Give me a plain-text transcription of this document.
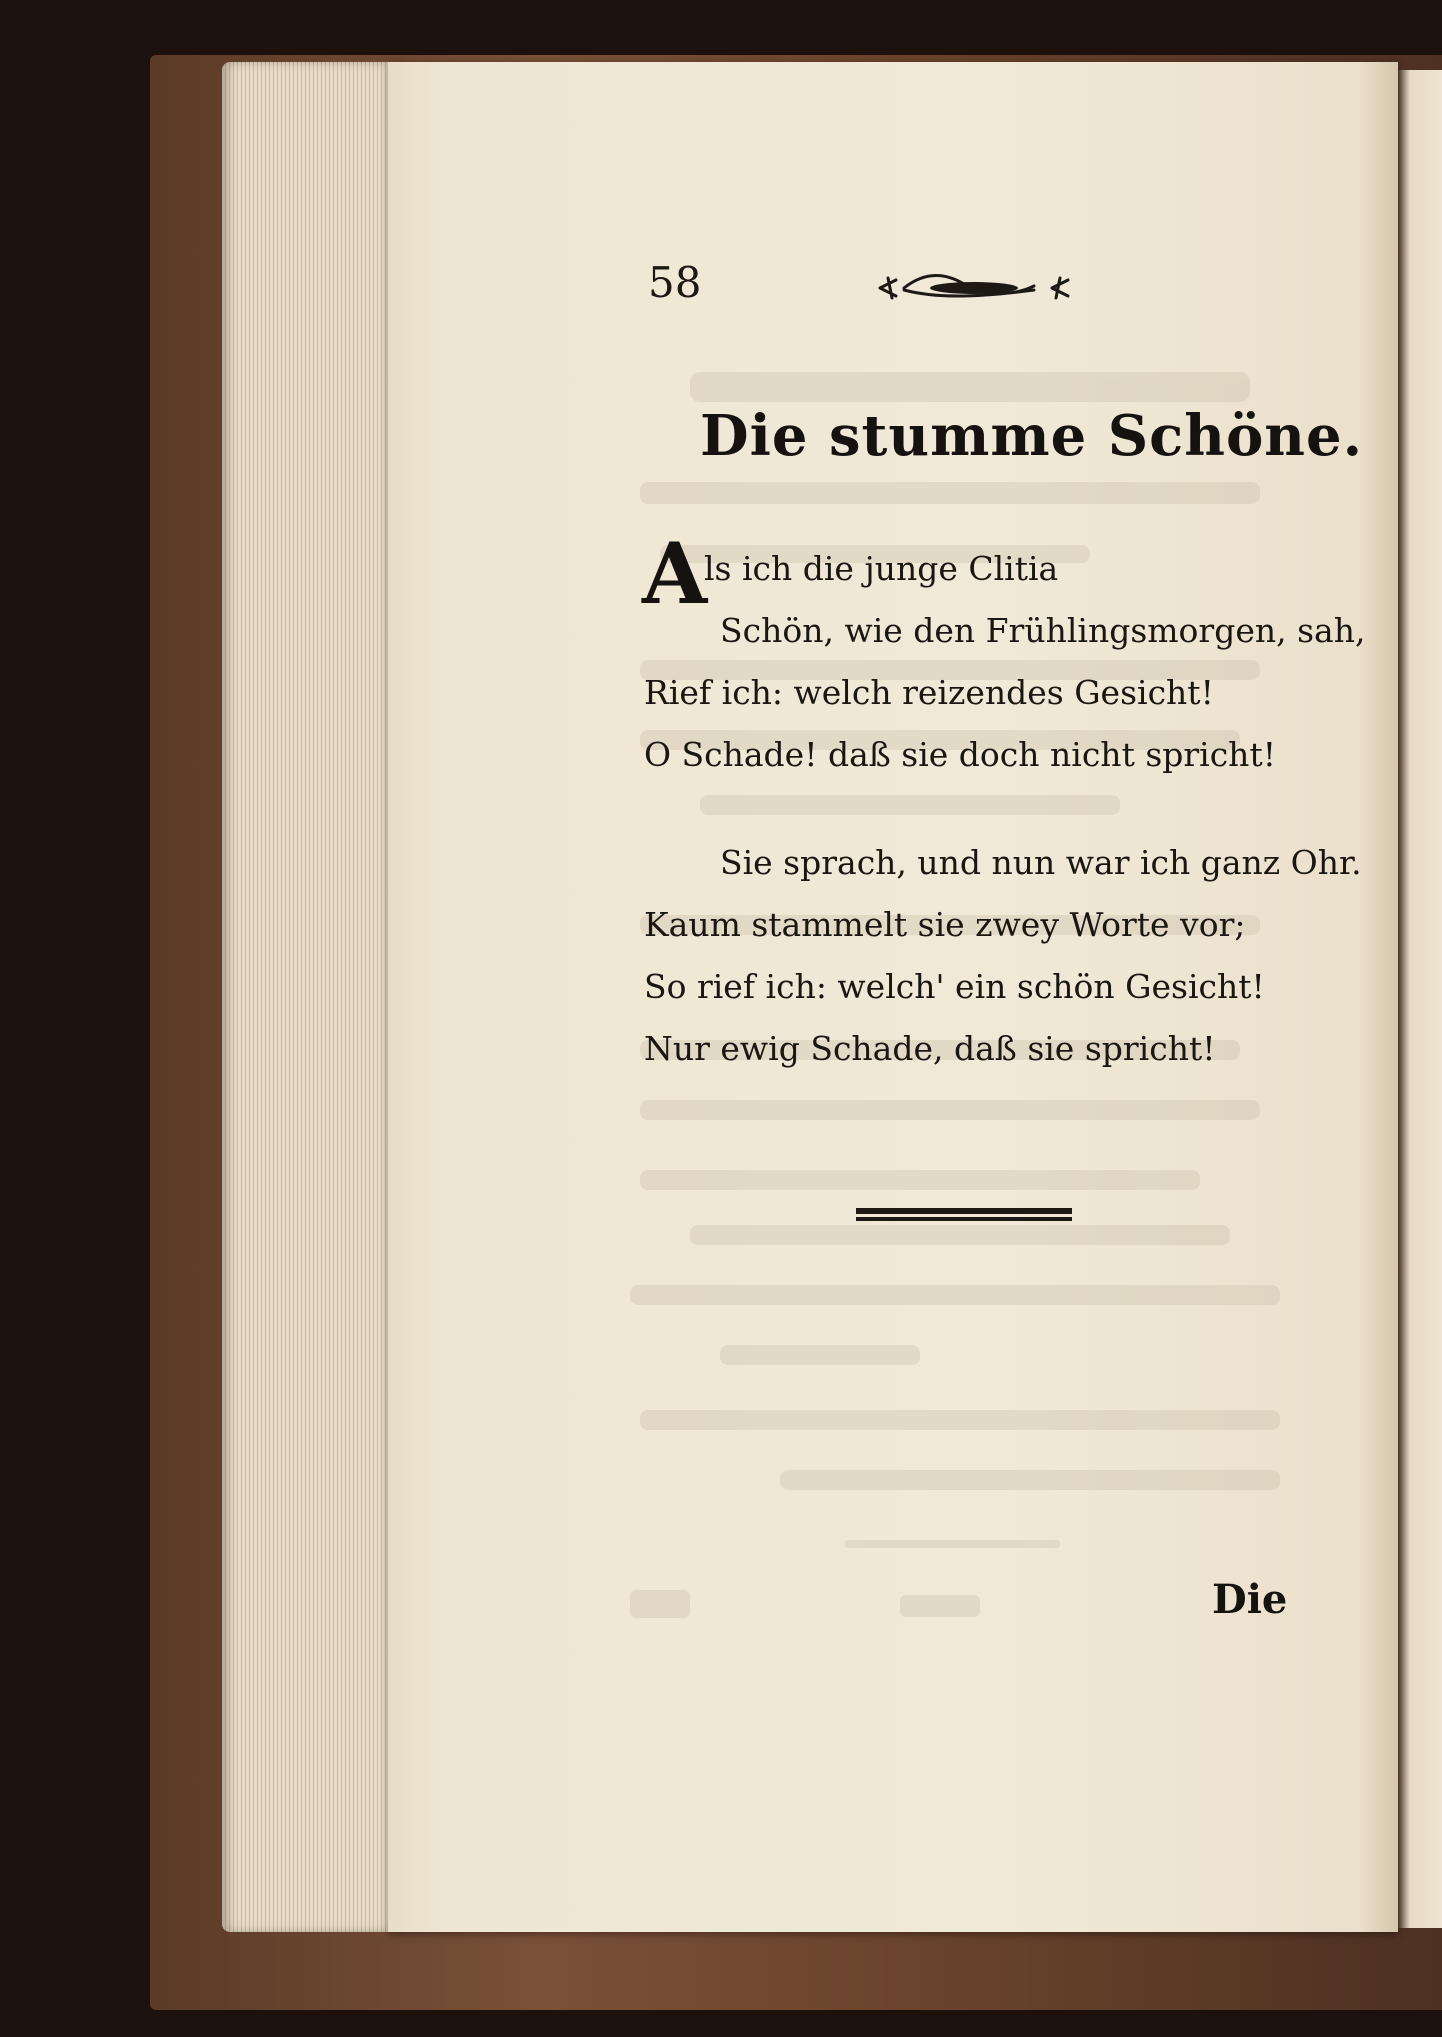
58
Die stumme Schöne.
A
ls ich die junge Clitia
Schön, wie den Frühlingsmorgen, sah,
Rief ich: welch reizendes Gesicht!
O Schade! daß sie doch nicht spricht!
Sie sprach, und nun war ich ganz Ohr.
Kaum stammelt sie zwey Worte vor;
So rief ich: welch' ein schön Gesicht!
Nur ewig Schade, daß sie spricht!
Die
